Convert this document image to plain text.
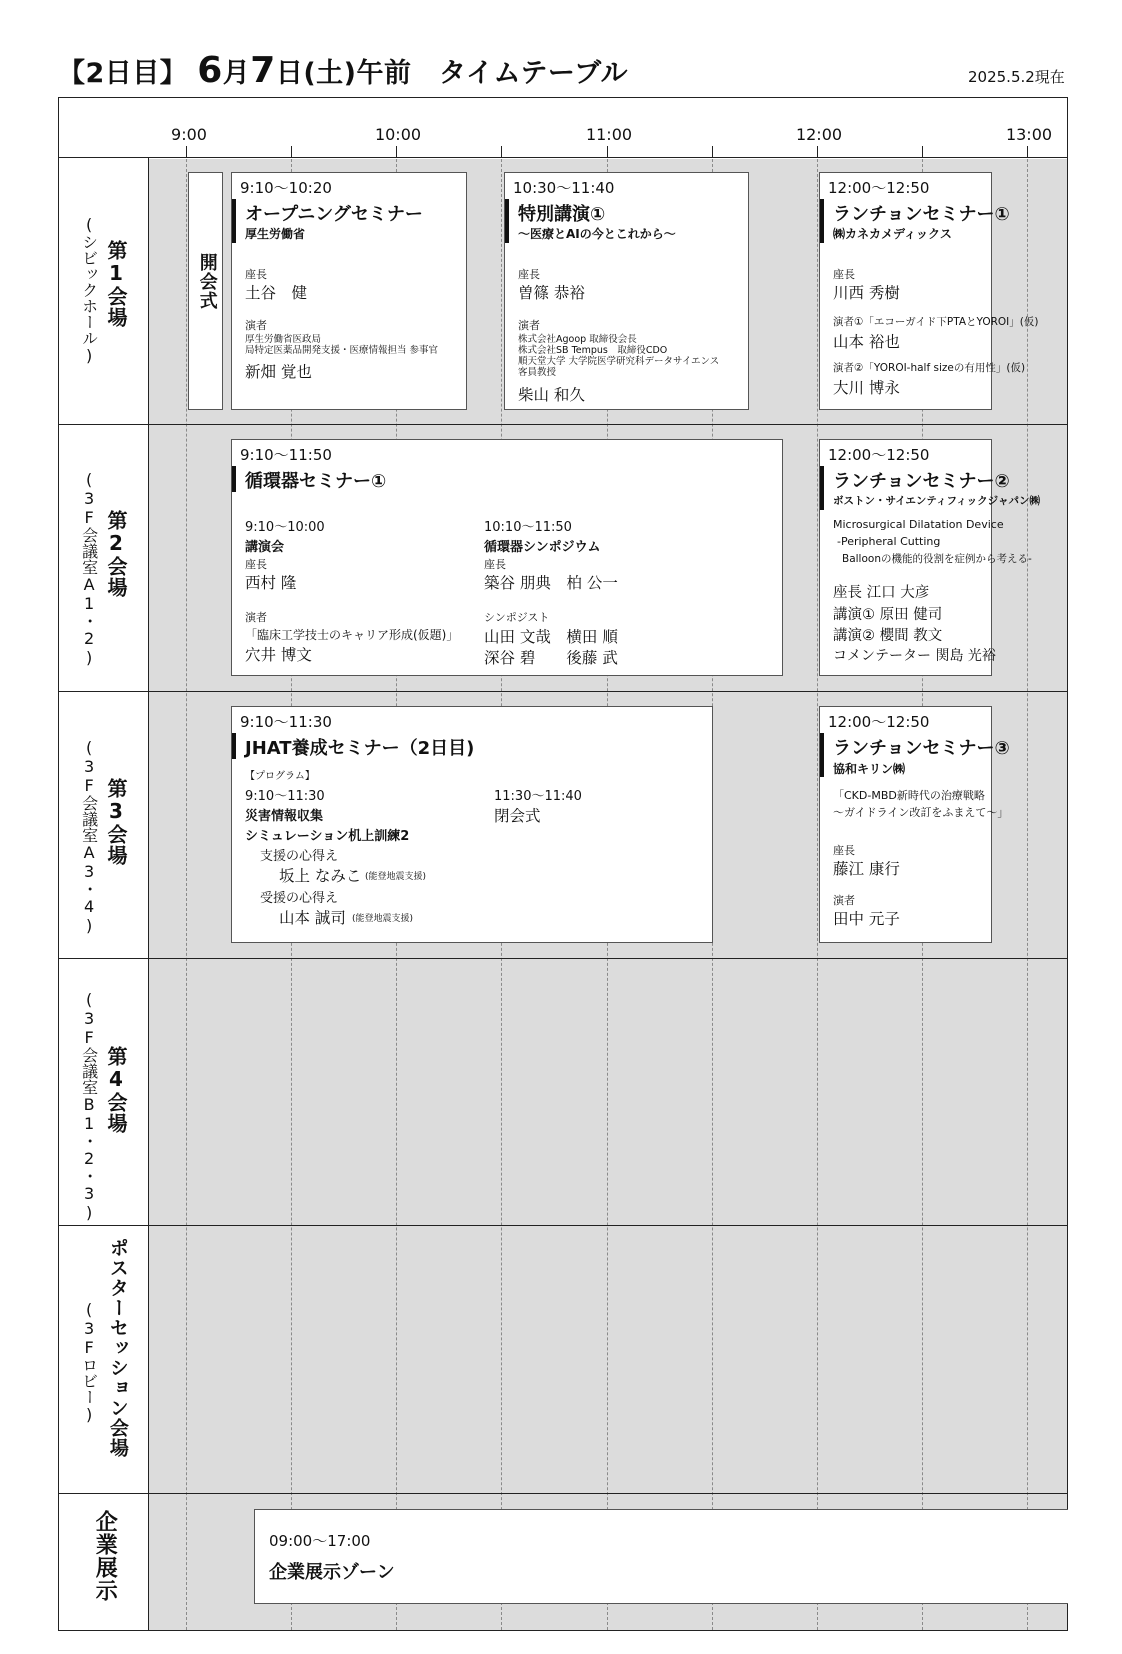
【2日目】 6月7日(土)午前　タイムテーブル	2025.5.2現在
9:00	10:00	11:00	12:00	13:00
第1会場
(シビックホール)
第2会場
(3F会議室A1・2)
第3会場
(3F会議室A3・4)
第4会場
(3F会議室B1・2・3)
ポスターセッション会場
(3Fロビー)
企業展示
開会式
9:10〜10:20
オープニングセミナー
厚生労働省
座長
土谷　健
演者
厚生労働省医政局
局特定医薬品開発支援・医療情報担当 参事官
新畑 覚也
10:30〜11:40
特別講演①
〜医療とAIの今とこれから〜
座長
曽篠 恭裕
演者
株式会社Agoop 取締役会長
株式会社SB Tempus　取締役CDO
順天堂大学 大学院医学研究科データサイエンス
客員教授
柴山 和久
12:00〜12:50
ランチョンセミナー①
㈱カネカメディックス
座長
川西 秀樹
演者①「エコーガイド下PTAとYOROI」(仮)
山本 裕也
演者②「YOROI-half sizeの有用性」(仮)
大川 博永
9:10〜11:50
循環器セミナー①
9:10〜10:00
講演会
座長
西村 隆
演者
「臨床工学技士のキャリア形成(仮題)」
穴井 博文
10:10〜11:50
循環器シンポジウム
座長
築谷 朋典　柏 公一
シンポジスト
山田 文哉　横田 順
深谷 碧　　後藤 武
12:00〜12:50
ランチョンセミナー②
ボストン・サイエンティフィックジャパン㈱
Microsurgical Dilatation Device
-Peripheral Cutting
Balloonの機能的役割を症例から考える-
座長 江口 大彦
講演① 原田 健司
講演② 櫻間 教文
コメンテーター 関島 光裕
9:10〜11:30
JHAT養成セミナー（2日目)
【プログラム】
9:10〜11:30
災害情報収集
シミュレーション机上訓練2
支援の心得え
坂上 なみこ (能登地震支援)
受援の心得え
山本 誠司 (能登地震支援)
11:30〜11:40
閉会式
12:00〜12:50
ランチョンセミナー③
協和キリン㈱
「CKD-MBD新時代の治療戦略
〜ガイドライン改訂をふまえて〜」
座長
藤江 康行
演者
田中 元子
09:00〜17:00
企業展示ゾーン
